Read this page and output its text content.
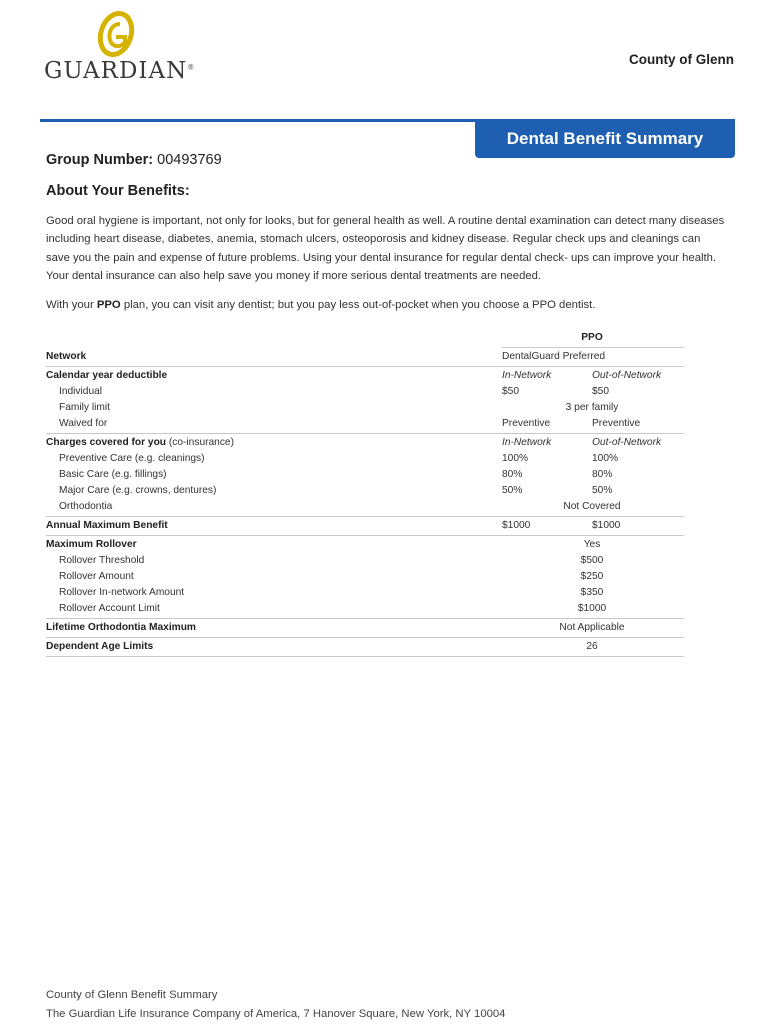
GUARDIAN®
County of Glenn
Dental Benefit Summary
Group Number: 00493769
About Your Benefits:

Good oral hygiene is important, not only for looks, but for general health as well. A routine dental examination can detect many diseases including heart disease, diabetes, anemia, stomach ulcers, osteoporosis and kidney disease. Regular check ups and cleanings can save you the pain and expense of future problems. Using your dental insurance for regular dental check- ups can improve your health. Your dental insurance can also help save you money if more serious dental treatments are needed.

With your PPO plan, you can visit any dentist; but you pay less out-of-pocket when you choose a PPO dentist.
PPO
Network	DentalGuard Preferred
Calendar year deductible	In-Network	Out-of-Network
Individual	$50	$50
Family limit	3 per family
Waived for	Preventive	Preventive
Charges covered for you (co-insurance)	In-Network	Out-of-Network
Preventive Care (e.g. cleanings)	100%	100%
Basic Care (e.g. fillings)	80%	80%
Major Care (e.g. crowns, dentures)	50%	50%
Orthodontia	Not Covered
Annual Maximum Benefit	$1000	$1000
Maximum Rollover	Yes
Rollover Threshold	$500
Rollover Amount	$250
Rollover In-network Amount	$350
Rollover Account Limit	$1000
Lifetime Orthodontia Maximum	Not Applicable
Dependent Age Limits	26
County of Glenn Benefit Summary
The Guardian Life Insurance Company of America, 7 Hanover Square, New York, NY 10004
